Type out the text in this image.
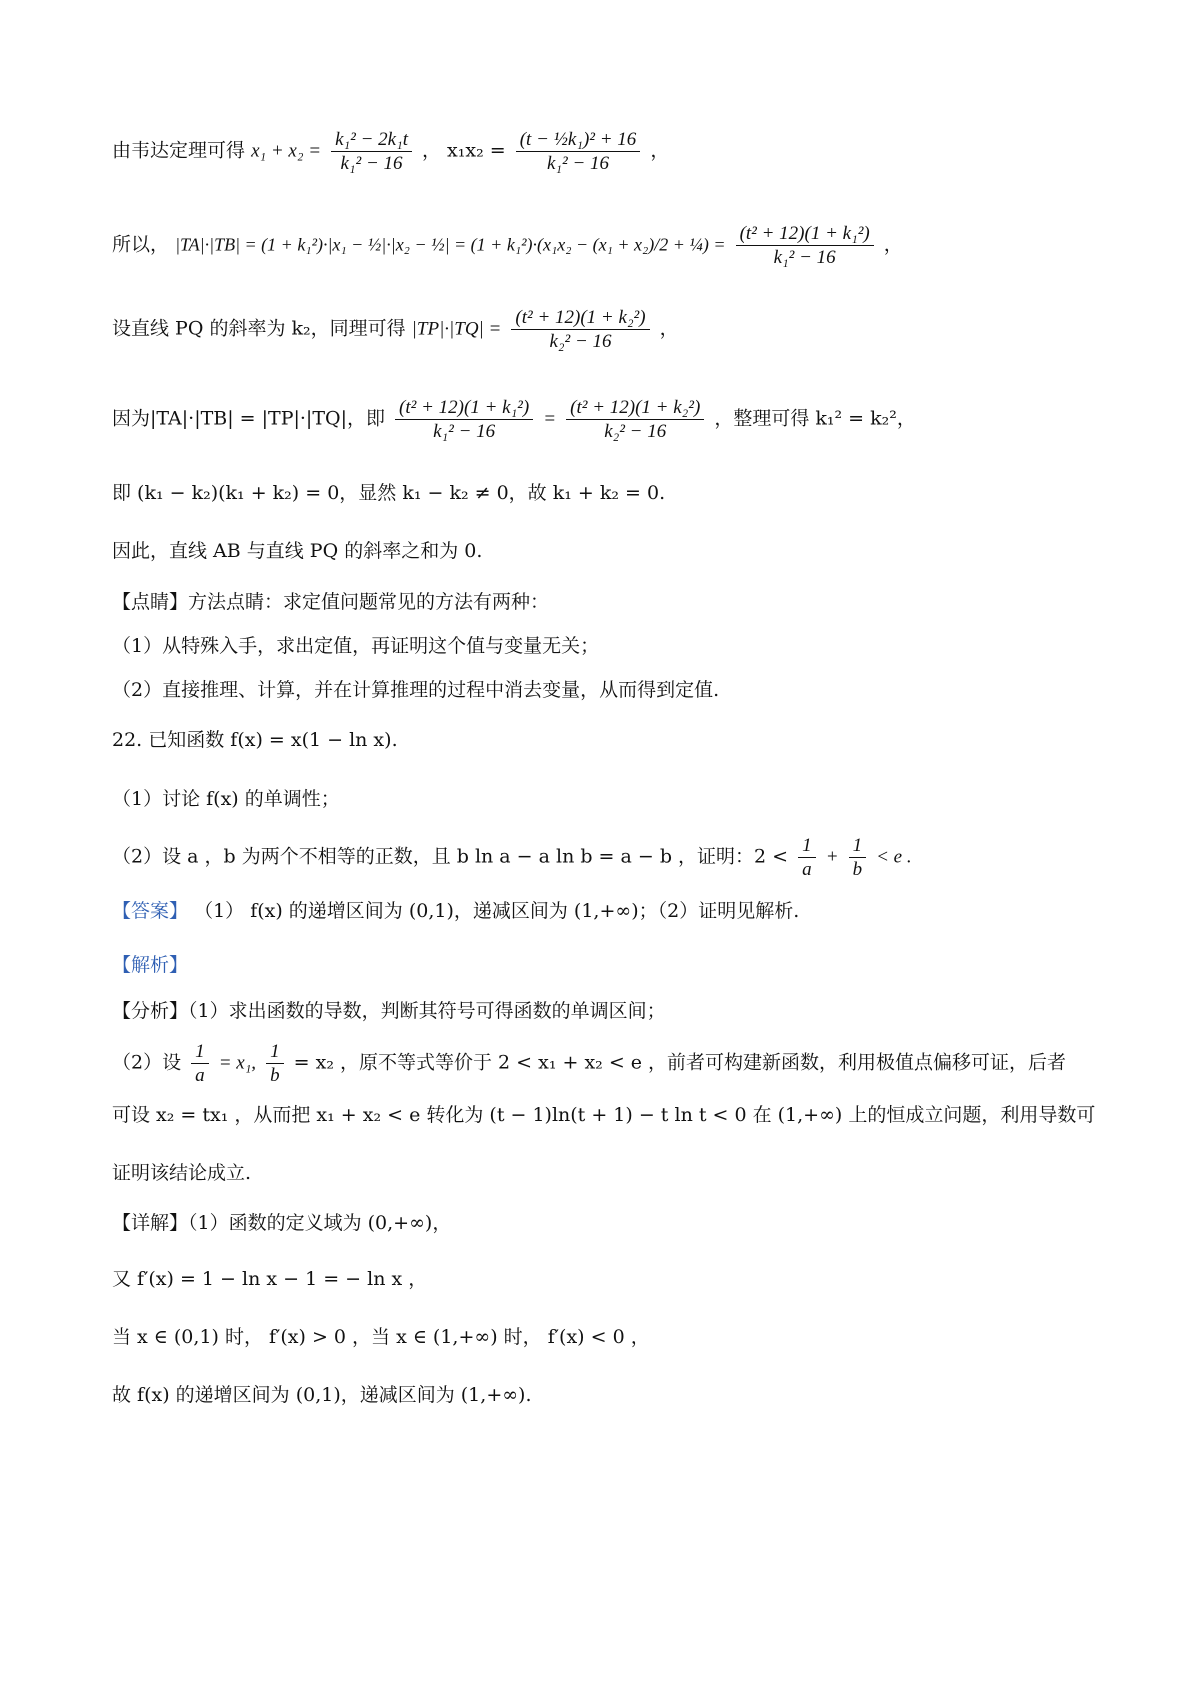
由韦达定理可得 $x_1 + x_2 = \frac{\text{k₁² − 2k₁t}}{\text{k₁² − 16}}$ ， $x_1x_2 = \frac{\text{(t − ½k₁)² + 16}}{\text{k₁² − 16}}$ ，
所以， |TA|·|TB| = (1 + k₁²)·|x₁ − ½|·|x₂ − ½| = (1 + k₁²)·(x₁x₂ − (x₁ + x₂)/2 + ¼) = $\frac{\text{(t² + 12)(1 + k₁²)}}{\text{k₁² − 16}}$ ，
设直线 PQ 的斜率为 k₂，同理可得 $|TP|\cdot|TQ| = \frac{\text{(t² + 12)(1 + k₂²)}}{\text{k₂² − 16}}$ ，
因为|TA|·|TB| = |TP|·|TQ|，即 $\frac{\text{(t² + 12)(1 + k₁²)}}{\text{k₁² − 16}} = \frac{\text{(t² + 12)(1 + k₂²)}}{\text{k₂² − 16}}$ ，整理可得 k₁² = k₂²，
即 (k₁ − k₂)(k₁ + k₂) = 0，显然 k₁ − k₂ ≠ 0，故 k₁ + k₂ = 0.
因此，直线 AB 与直线 PQ 的斜率之和为 0.
【点睛】方法点睛：求定值问题常见的方法有两种：
（1）从特殊入手，求出定值，再证明这个值与变量无关；
（2）直接推理、计算，并在计算推理的过程中消去变量，从而得到定值.
22. 已知函数 f(x) = x(1 − ln x).
（1）讨论 f(x) 的单调性；
（2）设 a ，b 为两个不相等的正数，且 b ln a − a ln b = a − b ，证明：$2 < \frac{1}{a} + \frac{1}{b} < e$ .
【答案】 （1） f(x) 的递增区间为 (0,1)，递减区间为 (1,+∞)；（2）证明见解析.
【解析】
【分析】（1）求出函数的导数，判断其符号可得函数的单调区间；
（2）设 $\frac{1}{a} = x_1$, $\frac{1}{b} = x_2$ ，原不等式等价于 2 < x₁ + x₂ < e ，前者可构建新函数，利用极值点偏移可证，后者
可设 x₂ = tx₁ ，从而把 x₁ + x₂ < e 转化为 (t − 1)ln(t + 1) − t ln t < 0 在 (1,+∞) 上的恒成立问题，利用导数可
证明该结论成立.
【详解】（1）函数的定义域为 (0,+∞)，
又 f′(x) = 1 − ln x − 1 = − ln x ，
当 x ∈ (0,1) 时， f′(x) > 0 ，当 x ∈ (1,+∞) 时， f′(x) < 0 ，
故 f(x) 的递增区间为 (0,1)，递减区间为 (1,+∞).
